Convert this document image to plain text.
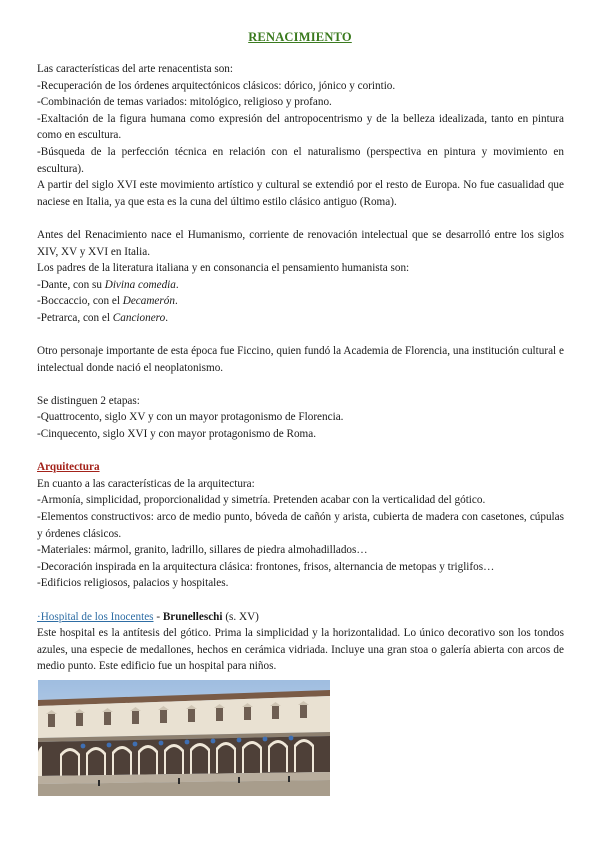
RENACIMIENTO

Las características del arte renacentista son:

-Recuperación de los órdenes arquitectónicos clásicos: dórico, jónico y corintio.

-Combinación de temas variados: mitológico, religioso y profano.

-Exaltación de la figura humana como expresión del antropocentrismo y de la belleza idealizada, tanto en pintura como en escultura.

-Búsqueda de la perfección técnica en relación con el naturalismo (perspectiva en pintura y movimiento en escultura).

A partir del siglo XVI este movimiento artístico y cultural se extendió por el resto de Europa. No fue casualidad que naciese en Italia, ya que esta es la cuna del último estilo clásico antiguo (Roma).

Antes del Renacimiento nace el Humanismo, corriente de renovación intelectual que se desarrolló entre los siglos XIV, XV y XVI en Italia.

Los padres de la literatura italiana y en consonancia el pensamiento humanista son:

-Dante, con su Divina comedia.

-Boccaccio, con el Decamerón.

-Petrarca, con el Cancionero.

Otro personaje importante de esta época fue Ficcino, quien fundó la Academia de Florencia, una institución cultural e intelectual donde nació el neoplatonismo.

Se distinguen 2 etapas:

-Quattrocento, siglo XV y con un mayor protagonismo de Florencia.

-Cinquecento, siglo XVI y con mayor protagonismo de Roma.

Arquitectura

En cuanto a las características de la arquitectura:

-Armonía, simplicidad, proporcionalidad y simetría. Pretenden acabar con la verticalidad del gótico.

-Elementos constructivos: arco de medio punto, bóveda de cañón y arista, cubierta de madera con casetones, cúpulas y órdenes clásicos.

-Materiales: mármol, granito, ladrillo, sillares de piedra almohadillados…

-Decoración inspirada en la arquitectura clásica: frontones, frisos, alternancia de metopas y triglifos…

-Edificios religiosos, palacios y hospitales.

·Hospital de los Inocentes - Brunelleschi (s. XV)

Este hospital es la antítesis del gótico. Prima la simplicidad y la horizontalidad. Lo único decorativo son los tondos azules, una especie de medallones, hechos en cerámica vidriada. Incluye una gran stoa o galería abierta con arcos de medio punto. Este edificio fue un hospital para niños.
